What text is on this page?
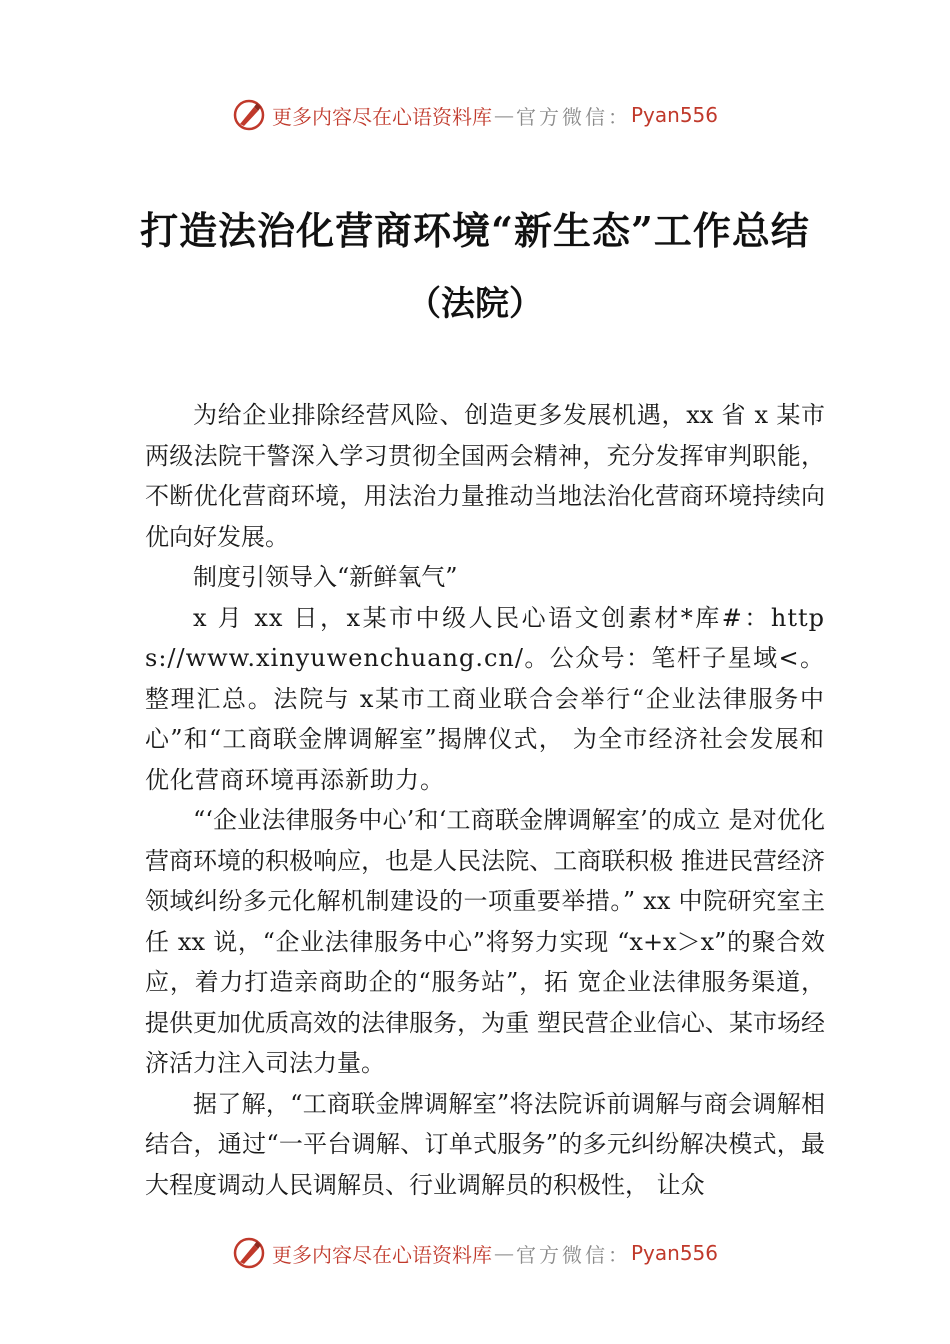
更多内容尽在心语资料库 — 官方微信： Pyan556
打造法治化营商环境“新生态”工作总结
（法院）

为给企业排除经营风险、创造更多发展机遇，xx 省 x 某市两级法院干警深入学习贯彻全国两会精神，充分发挥审判职能，不断优化营商环境，用法治力量推动当地法治化营商环境持续向优向好发展。

制度引领导入“新鲜氧气”

x 月 xx 日，x某市中级人民心语文创素材*库#：https://www.xinyuwenchuang.cn/。公众号：笔杆子星域<。整理汇总。法院与 x某市工商业联合会举行“企业法律服务中心”和“工商联金牌调解室”揭牌仪式， 为全市经济社会发展和优化营商环境再添新助力。

“‘企业法律服务中心’和‘工商联金牌调解室’的成立 是对优化营商环境的积极响应，也是人民法院、工商联积极 推进民营经济领域纠纷多元化解机制建设的一项重要举措。” xx 中院研究室主任 xx 说，“企业法律服务中心”将努力实现 “x+x＞x”的聚合效应，着力打造亲商助企的“服务站”，拓 宽企业法律服务渠道，提供更加优质高效的法律服务，为重 塑民营企业信心、某市场经济活力注入司法力量。

据了解，“工商联金牌调解室”将法院诉前调解与商会调解相结合，通过“一平台调解、订单式服务”的多元纠纷解决模式，最大程度调动人民调解员、行业调解员的积极性， 让众

更多内容尽在心语资料库 — 官方微信： Pyan556
